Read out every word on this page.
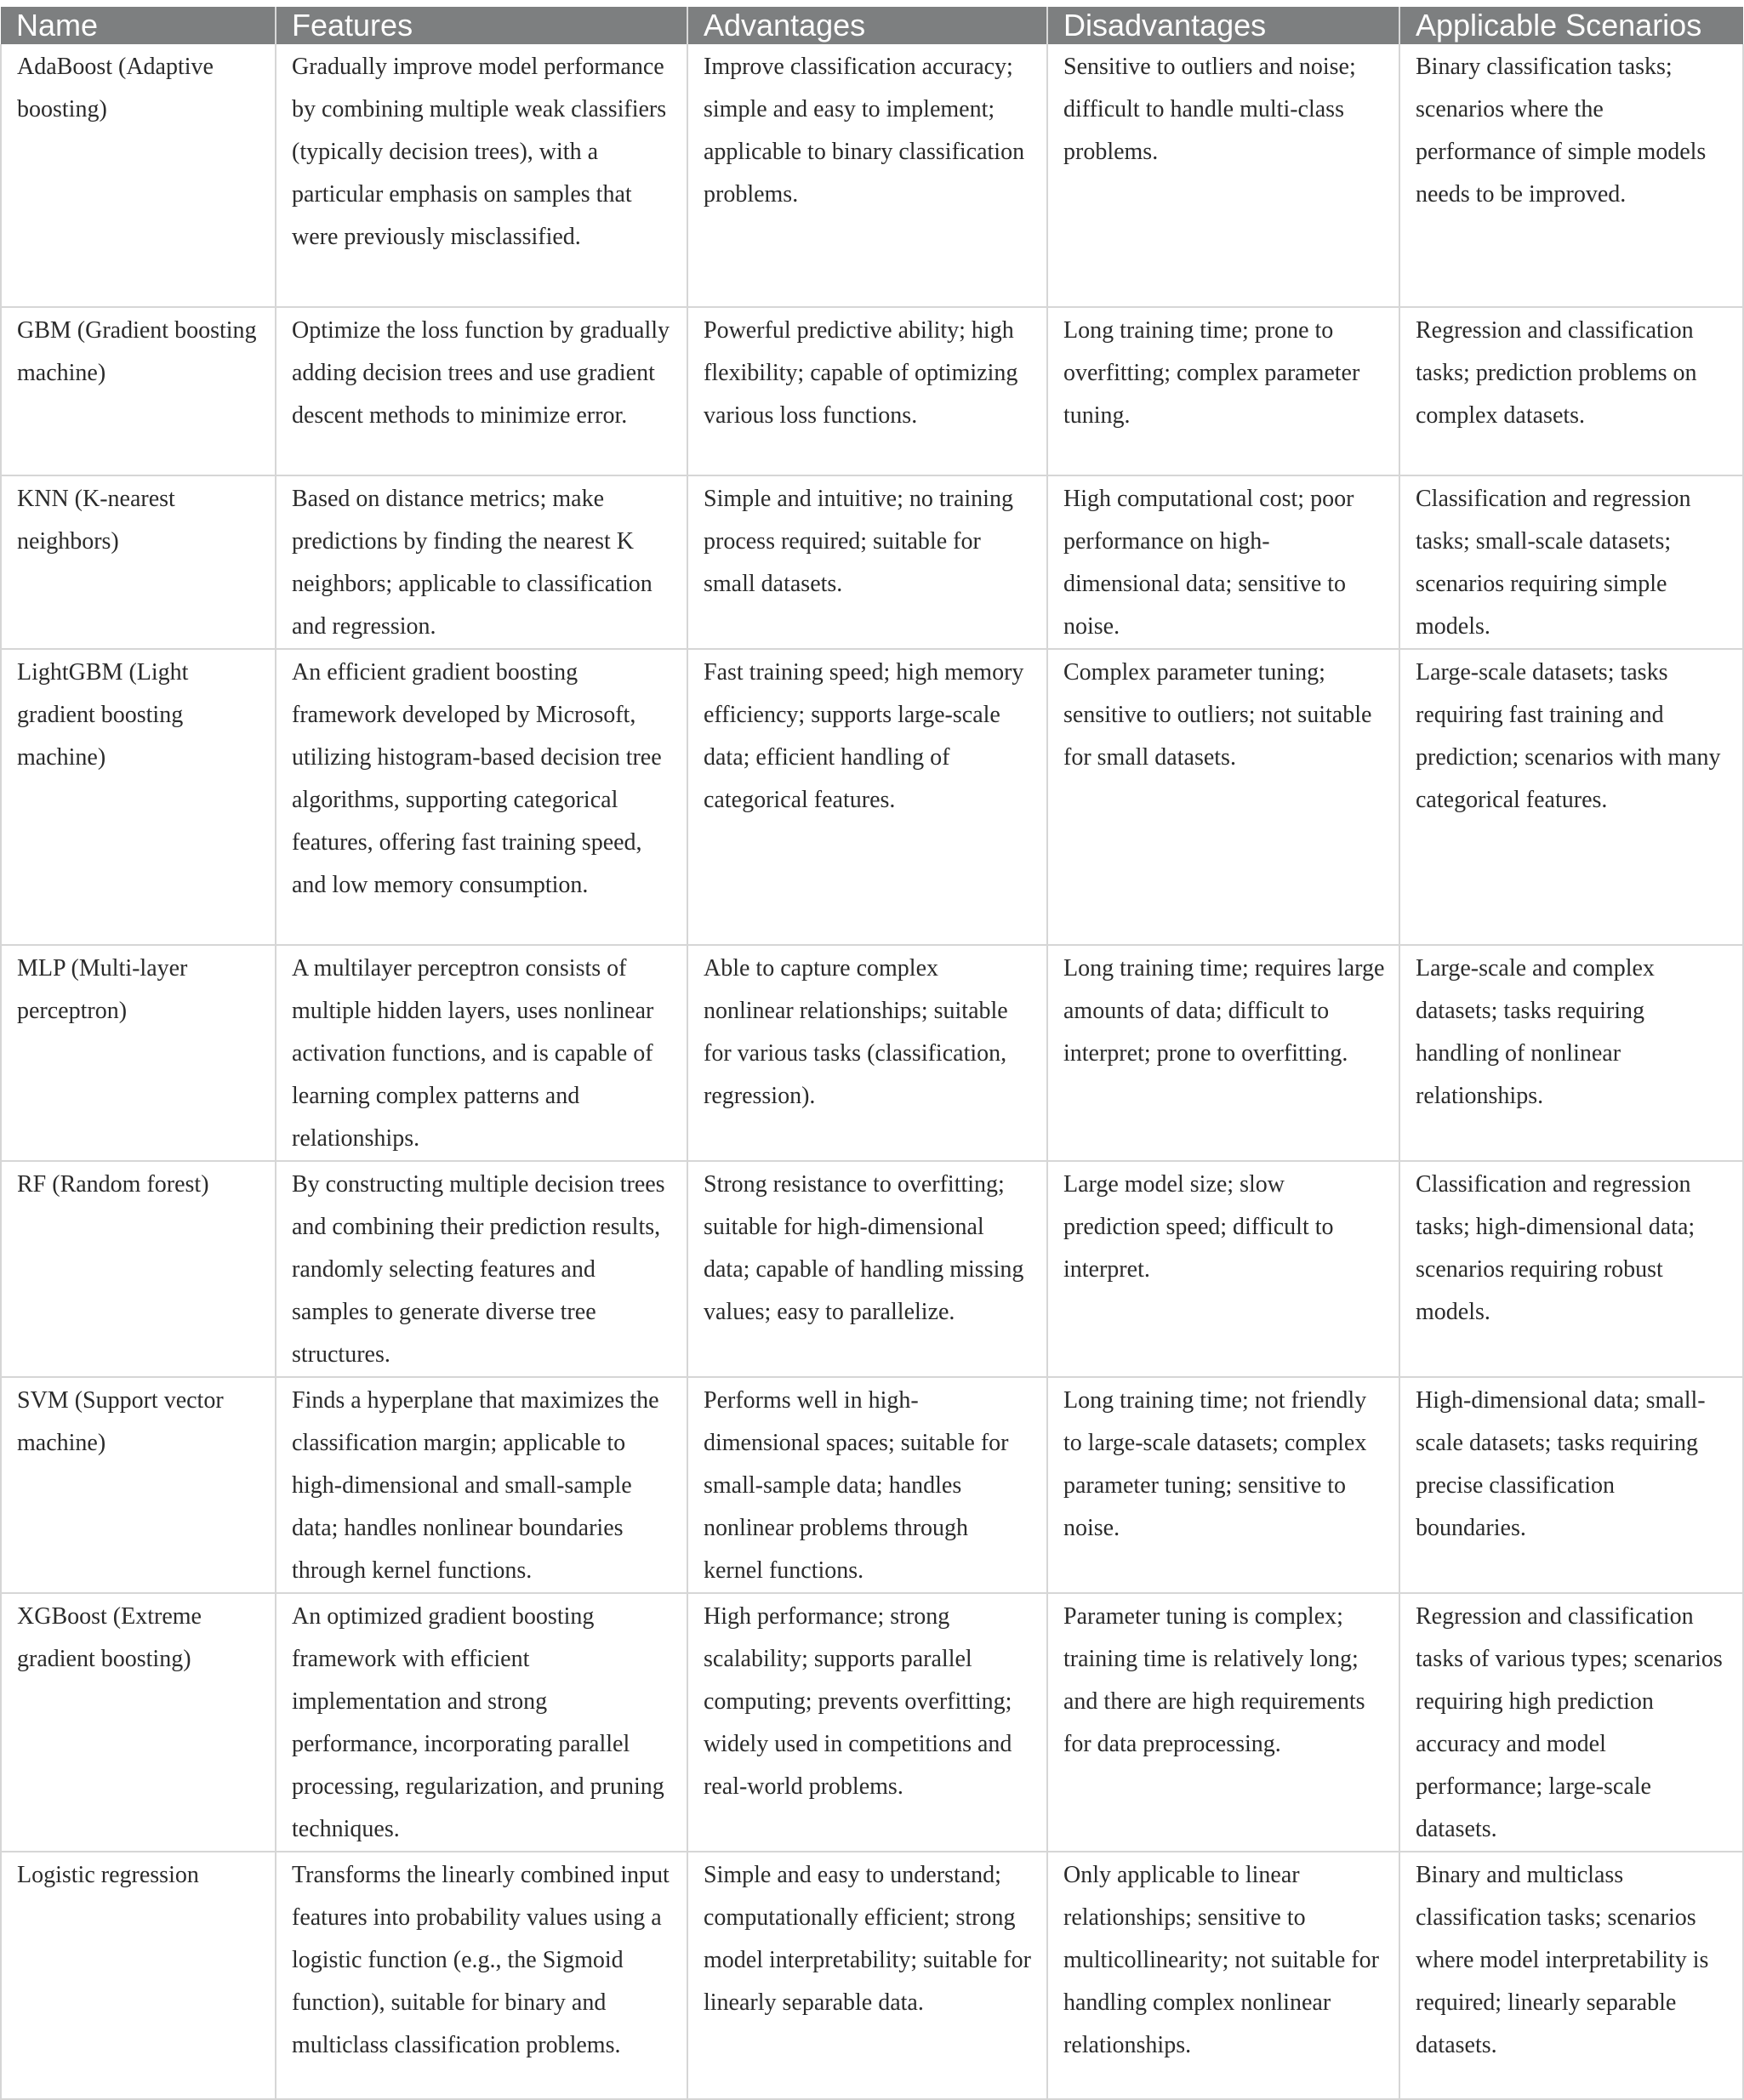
Name	Features	Advantages	Disadvantages	Applicable Scenarios
AdaBoost (Adaptive boosting)	Gradually improve model performance by combining multiple weak classifiers (typically decision trees), with a particular emphasis on samples that were previously misclassified.	Improve classification accuracy; simple and easy to implement; applicable to binary classification problems.	Sensitive to outliers and noise; difficult to handle multi-class problems.	Binary classification tasks; scenarios where the performance of simple models needs to be improved.
GBM (Gradient boosting machine)	Optimize the loss function by gradually adding decision trees and use gradient descent methods to minimize error.	Powerful predictive ability; high flexibility; capable of optimizing various loss functions.	Long training time; prone to overfitting; complex parameter tuning.	Regression and classification tasks; prediction problems on complex datasets.
KNN (K-nearest neighbors)	Based on distance metrics; make predictions by finding the nearest K neighbors; applicable to classification and regression.	Simple and intuitive; no training process required; suitable for small datasets.	High computational cost; poor performance on high-dimensional data; sensitive to noise.	Classification and regression tasks; small-scale datasets; scenarios requiring simple models.
LightGBM (Light gradient boosting machine)	An efficient gradient boosting framework developed by Microsoft, utilizing histogram-based decision tree algorithms, supporting categorical features, offering fast training speed, and low memory consumption.	Fast training speed; high memory efficiency; supports large-scale data; efficient handling of categorical features.	Complex parameter tuning; sensitive to outliers; not suitable for small datasets.	Large-scale datasets; tasks requiring fast training and prediction; scenarios with many categorical features.
MLP (Multi-layer perceptron)	A multilayer perceptron consists of multiple hidden layers, uses nonlinear activation functions, and is capable of learning complex patterns and relationships.	Able to capture complex nonlinear relationships; suitable for various tasks (classification, regression).	Long training time; requires large amounts of data; difficult to interpret; prone to overfitting.	Large-scale and complex datasets; tasks requiring handling of nonlinear relationships.
RF (Random forest)	By constructing multiple decision trees and combining their prediction results, randomly selecting features and samples to generate diverse tree structures.	Strong resistance to overfitting; suitable for high-dimensional data; capable of handling missing values; easy to parallelize.	Large model size; slow prediction speed; difficult to interpret.	Classification and regression tasks; high-dimensional data; scenarios requiring robust models.
SVM (Support vector machine)	Finds a hyperplane that maximizes the classification margin; applicable to high-dimensional and small-sample data; handles nonlinear boundaries through kernel functions.	Performs well in high-dimensional spaces; suitable for small-sample data; handles nonlinear problems through kernel functions.	Long training time; not friendly to large-scale datasets; complex parameter tuning; sensitive to noise.	High-dimensional data; small-scale datasets; tasks requiring precise classification boundaries.
XGBoost (Extreme gradient boosting)	An optimized gradient boosting framework with efficient implementation and strong performance, incorporating parallel processing, regularization, and pruning techniques.	High performance; strong scalability; supports parallel computing; prevents overfitting; widely used in competitions and real-world problems.	Parameter tuning is complex; training time is relatively long; and there are high requirements for data preprocessing.	Regression and classification tasks of various types; scenarios requiring high prediction accuracy and model performance; large-scale datasets.
Logistic regression	Transforms the linearly combined input features into probability values using a logistic function (e.g., the Sigmoid function), suitable for binary and multiclass classification problems.	Simple and easy to understand; computationally efficient; strong model interpretability; suitable for linearly separable data.	Only applicable to linear relationships; sensitive to multicollinearity; not suitable for handling complex nonlinear relationships.	Binary and multiclass classification tasks; scenarios where model interpretability is required; linearly separable datasets.
